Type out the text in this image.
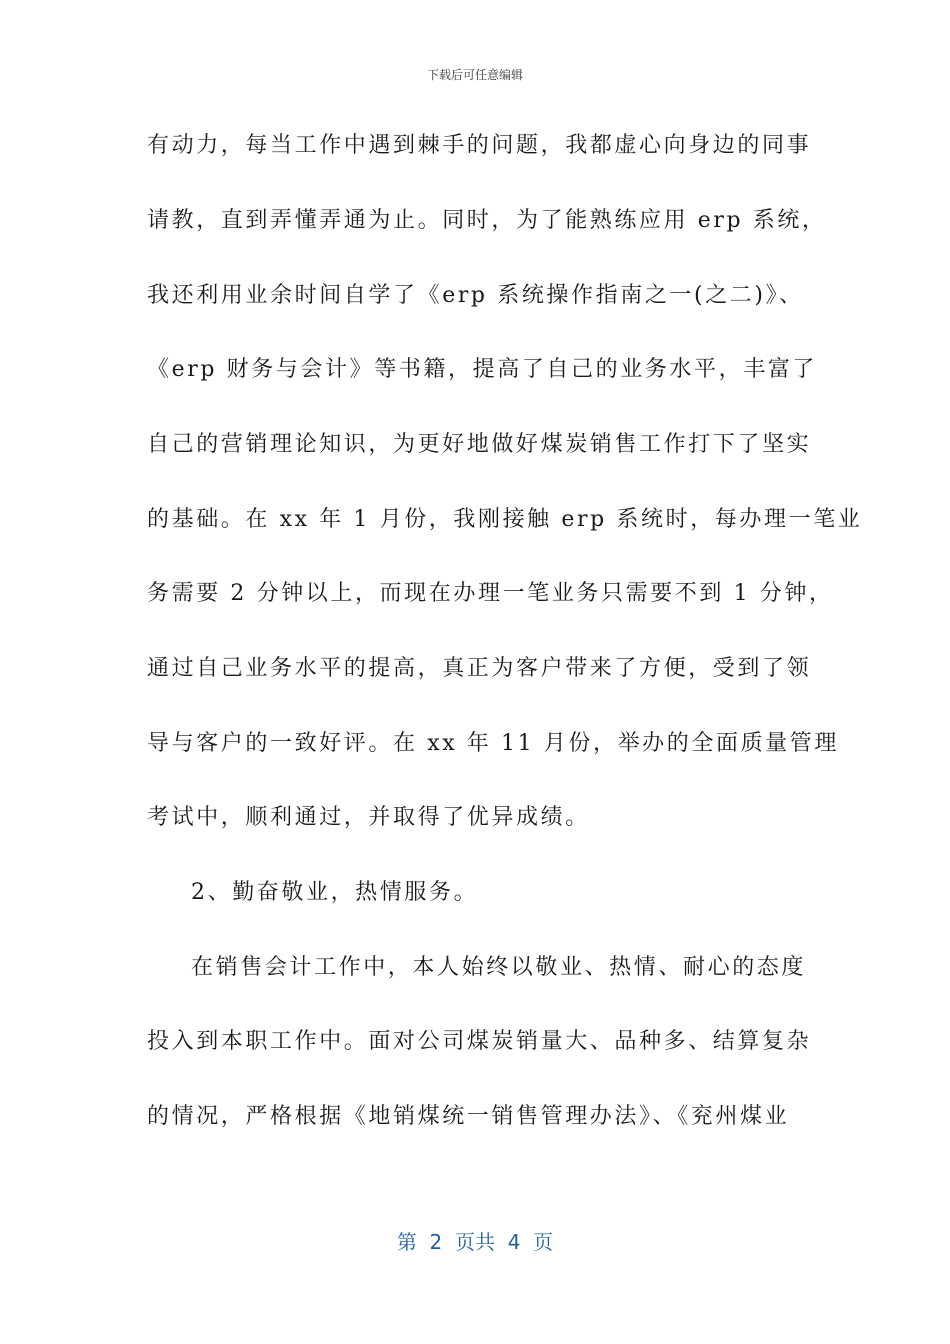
下载后可任意编辑
有动力，每当工作中遇到棘手的问题，我都虚心向身边的同事
请教，直到弄懂弄通为止。同时，为了能熟练应用 erp 系统，
我还利用业余时间自学了《erp 系统操作指南之一(之二)》、
《erp 财务与会计》等书籍，提高了自己的业务水平，丰富了
自己的营销理论知识，为更好地做好煤炭销售工作打下了坚实
的基础。在 xx 年 1 月份，我刚接触 erp 系统时，每办理一笔业
务需要 2 分钟以上，而现在办理一笔业务只需要不到 1 分钟，
通过自己业务水平的提高，真正为客户带来了方便，受到了领
导与客户的一致好评。在 xx 年 11 月份，举办的全面质量管理
考试中，顺利通过，并取得了优异成绩。
2、勤奋敬业，热情服务。
在销售会计工作中，本人始终以敬业、热情、耐心的态度
投入到本职工作中。面对公司煤炭销量大、品种多、结算复杂
的情况，严格根据《地销煤统一销售管理办法》、《兖州煤业
第 2 页共 4 页
